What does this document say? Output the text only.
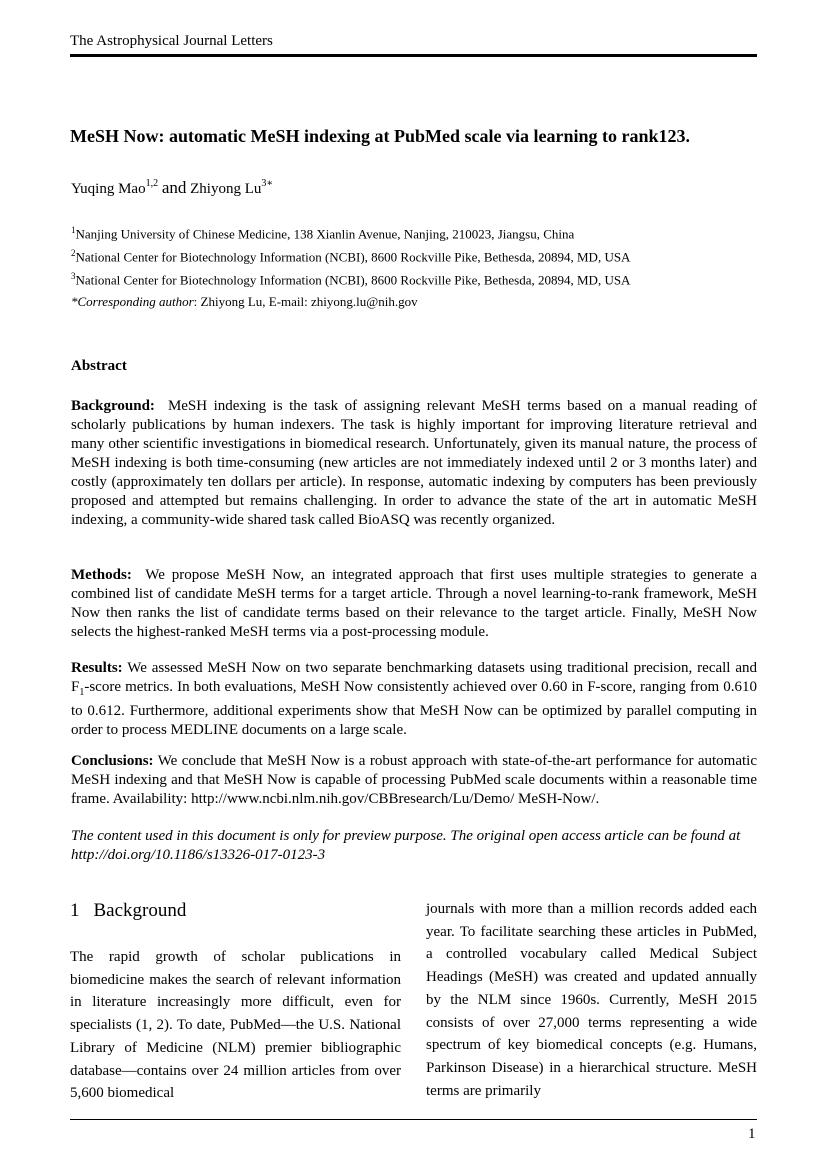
The Astrophysical Journal Letters
MeSH Now: automatic MeSH indexing at PubMed scale via learning to rank123.
Yuqing Mao$^{1,2}$ and Zhiyong $Lu^{3∗}$
$^1$Nanjing University of Chinese Medicine, 138 Xianlin Avenue, Nanjing, 210023, Jiangsu, China
$^2$National Center for Biotechnology Information (NCBI), 8600 Rockville Pike, Bethesda, 20894, MD, USA
$^3$National Center for Biotechnology Information (NCBI), 8600 Rockville Pike, Bethesda, 20894, MD, USA
*Corresponding author: Zhiyong Lu, E-mail: zhiyong.lu@nih.gov
Abstract

Background: MeSH indexing is the task of assigning relevant MeSH terms based on a manual reading of scholarly publications by human indexers. The task is highly important for improving literature retrieval and many other scientific investigations in biomedical research. Unfortunately, given its manual nature, the process of MeSH indexing is both time-consuming (new articles are not immediately indexed until 2 or 3 months later) and costly (approximately ten dollars per article). In response, automatic indexing by computers has been previously proposed and attempted but remains challenging. In order to advance the state of the art in automatic MeSH indexing, a community-wide shared task called BioASQ was recently organized.

Methods: We propose MeSH Now, an integrated approach that first uses multiple strategies to generate a combined list of candidate MeSH terms for a target article. Through a novel learning-to-rank framework, MeSH Now then ranks the list of candidate terms based on their relevance to the target article. Finally, MeSH Now selects the highest-ranked MeSH terms via a post-processing module.

Results: We assessed MeSH Now on two separate benchmarking datasets using traditional precision, recall and $F_1$-score metrics. In both evaluations, MeSH Now consistently achieved over 0.60 in F-score, ranging from 0.610 to 0.612. Furthermore, additional experiments show that MeSH Now can be optimized by parallel computing in order to process MEDLINE documents on a large scale.

Conclusions: We conclude that MeSH Now is a robust approach with state-of-the-art performance for automatic MeSH indexing and that MeSH Now is capable of processing PubMed scale documents within a reasonable time frame. Availability: http://www.ncbi.nlm.nih.gov/CBBresearch/Lu/Demo/ MeSH-Now/.

The content used in this document is only for preview purpose. The original open access article can be found at http://doi.org/10.1186/s13326-017-0123-3

1 Background

The rapid growth of scholar publications in biomedicine makes the search of relevant information in literature increasingly more difficult, even for specialists (1, 2). To date, PubMed—the U.S. National Library of Medicine (NLM) premier bibliographic database—contains over 24 million articles from over 5,600 biomedical

journals with more than a million records added each year. To facilitate searching these articles in PubMed, a controlled vocabulary called Medical Subject Headings (MeSH) was created and updated annually by the NLM since 1960s. Currently, MeSH 2015 consists of over 27,000 terms representing a wide spectrum of key biomedical concepts (e.g. Humans, Parkinson Disease) in a hierarchical structure. MeSH terms are primarily

1
